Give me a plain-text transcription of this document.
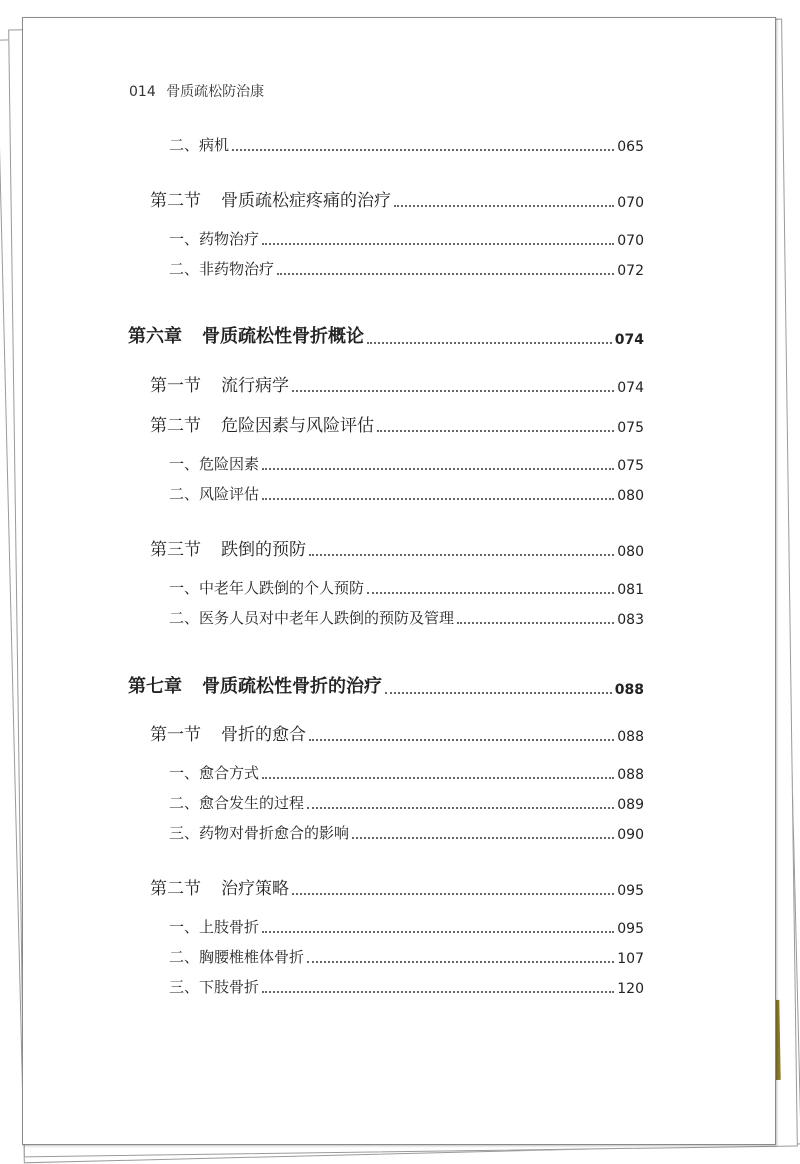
014 骨质疏松防治康
二、病机	065
第二节 骨质疏松症疼痛的治疗	070
一、药物治疗	070
二、非药物治疗	072
第六章 骨质疏松性骨折概论	074
第一节 流行病学	074
第二节 危险因素与风险评估	075
一、危险因素	075
二、风险评估	080
第三节 跌倒的预防	080
一、中老年人跌倒的个人预防	081
二、医务人员对中老年人跌倒的预防及管理	083
第七章 骨质疏松性骨折的治疗	088
第一节 骨折的愈合	088
一、愈合方式	088
二、愈合发生的过程	089
三、药物对骨折愈合的影响	090
第二节 治疗策略	095
一、上肢骨折	095
二、胸腰椎椎体骨折	107
三、下肢骨折	120
